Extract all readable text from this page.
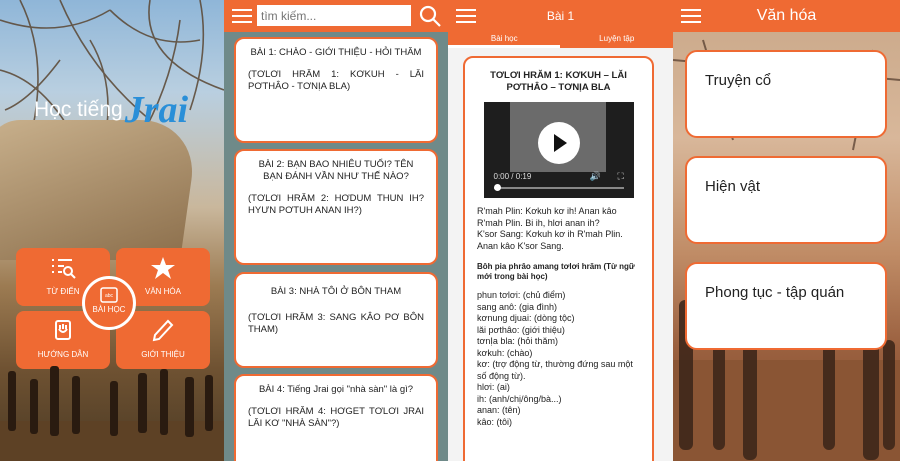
Học tiếngJrai
TỪ ĐIỂN	VĂN HÓA
HƯỚNG DẪN	GIỚI THIỆU
abc
BÀI HỌC
tìm kiếm...
BÀI 1: CHÀO - GIỚI THIỆU - HỎI THĂM
(TƠLƠI HRĂM 1: KƠKUH - LĂI PƠTHÂO - TƠNỊA BLA)
BÀI 2: BẠN BAO NHIÊU TUỔI? TÊN BẠN ĐÁNH VẦN NHƯ THẾ NÀO?
(TƠLƠI HRĂM 2: HƠDUM THUN IH? HYƯN PƠTUH ANAN IH?)
BÀI 3: NHÀ TÔI Ở BÔN THAM
(TƠLƠI HRĂM 3: SANG KÂO PƠ BÔN THAM)
BÀI 4: Tiếng Jrai gọi "nhà sàn" là gì?
(TƠLƠI HRĂM 4: HƠGET TƠLƠI JRAI LĂI KƠ "NHÀ SÀN"?)
Bài 1
Bài học	Luyện tập
TƠLƠI HRĂM 1: KƠKUH – LĂI PƠTHÂO – TƠNỊA BLA
0:00 / 0:19	🔊 ⛶

R'mah Plin: Kơkuh kơ ih! Anan kâo R'mah Plin. Bi ih, hlơi anan ih?

K'sor Sang: Kơkuh kơ ih R'mah Plin. Anan kâo K'sor Sang.

Bôh pia phrâo amang tơlơi hrăm (Từ ngữ mới trong bài học)
phun tơlơi: (chủ điểm)
sang anô: (gia đình)
kơnung djuai: (dòng tộc)
lăi pơthâo: (giới thiệu)
tơnỊa bla: (hỏi thăm)
kơkuh: (chào)
kơ: (trợ động từ, thường đứng sau một số động từ).
hlơi: (ai)
ih: (anh/chị/ông/bà...)
anan: (tên)
kâo: (tôi)
Văn hóa
Truyện cổ
Hiện vật
Phong tục - tập quán
